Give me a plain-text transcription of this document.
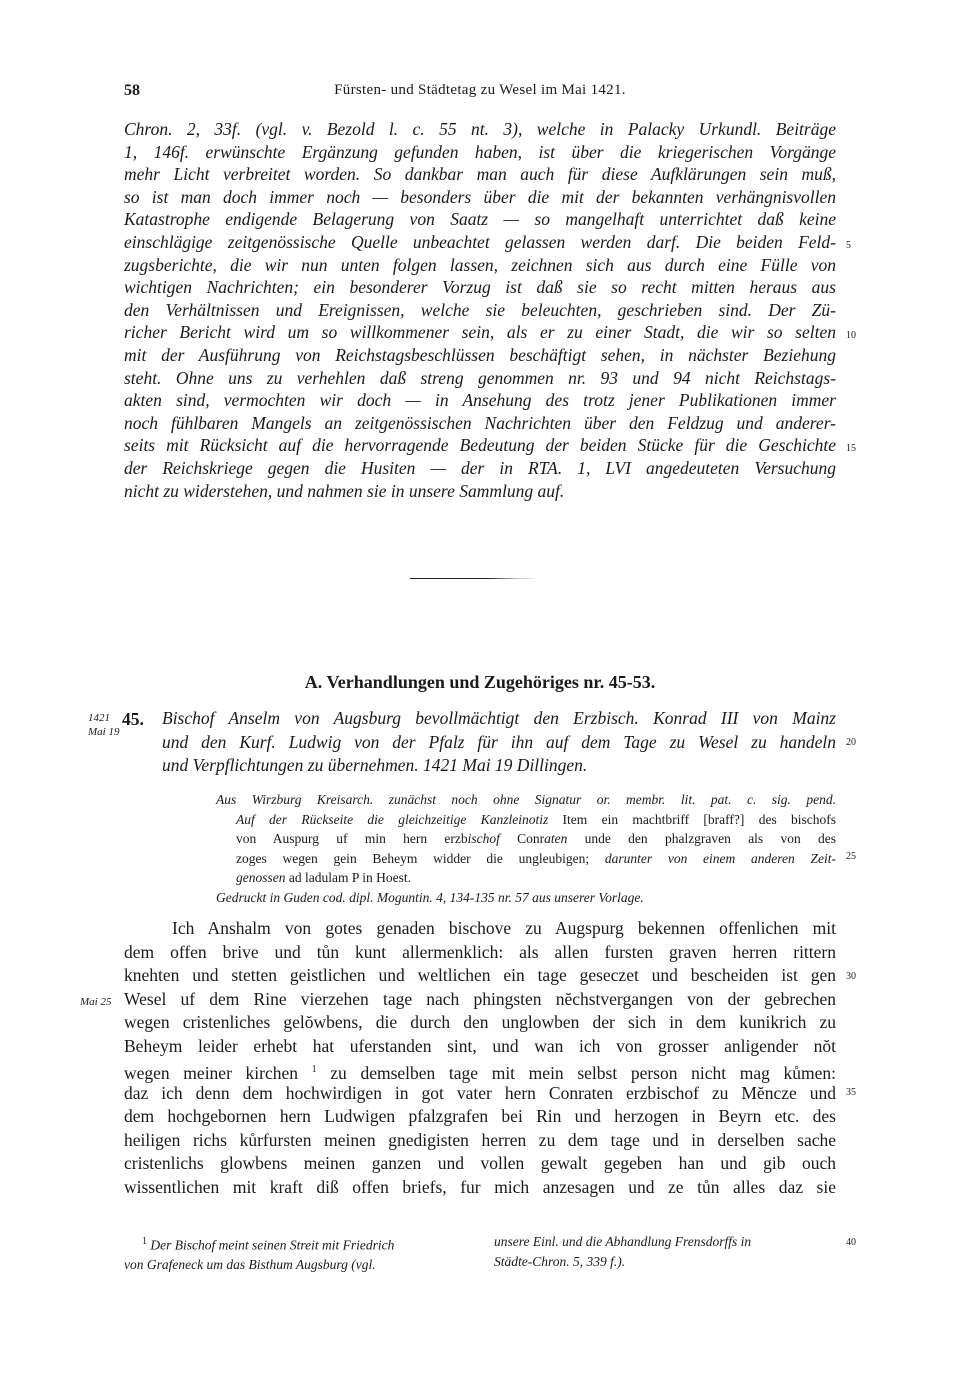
58	Fürsten- und Städtetag zu Wesel im Mai 1421.
Chron. 2, 33f. (vgl. v. Bezold l. c. 55 nt. 3), welche in Palacky Urkundl. Beiträge
1, 146f. erwünschte Ergänzung gefunden haben, ist über die kriegerischen Vorgänge
mehr Licht verbreitet worden. So dankbar man auch für diese Aufklärungen sein muß,
so ist man doch immer noch — besonders über die mit der bekannten verhängnisvollen
Katastrophe endigende Belagerung von Saatz — so mangelhaft unterrichtet daß keine
einschlägige zeitgenössische Quelle unbeachtet gelassen werden darf. Die beiden Feld-
zugsberichte, die wir nun unten folgen lassen, zeichnen sich aus durch eine Fülle von
wichtigen Nachrichten; ein besonderer Vorzug ist daß sie so recht mitten heraus aus
den Verhältnissen und Ereignissen, welche sie beleuchten, geschrieben sind. Der Zü-
richer Bericht wird um so willkommener sein, als er zu einer Stadt, die wir so selten
mit der Ausführung von Reichstagsbeschlüssen beschäftigt sehen, in nächster Beziehung
steht. Ohne uns zu verhehlen daß streng genommen nr. 93 und 94 nicht Reichstags-
akten sind, vermochten wir doch — in Ansehung des trotz jener Publikationen immer
noch fühlbaren Mangels an zeitgenössischen Nachrichten über den Feldzug und anderer-
seits mit Rücksicht auf die hervorragende Bedeutung der beiden Stücke für die Geschichte
der Reichskriege gegen die Husiten — der in RTA. 1, LVI angedeuteten Versuchung
nicht zu widerstehen, und nahmen sie in unsere Sammlung auf.
5
10
15
20
25
30
35
40
A. Verhandlungen und Zugehöriges nr. 45-53.
1421
Mai 19
Mai 25
45. Bischof Anselm von Augsburg bevollmächtigt den Erzbisch. Konrad III von Mainz
und den Kurf. Ludwig von der Pfalz für ihn auf dem Tage zu Wesel zu handeln
und Verpflichtungen zu übernehmen. 1421 Mai 19 Dillingen.
Aus Wirzburg Kreisarch. zunächst noch ohne Signatur or. membr. lit. pat. c. sig. pend.
Auf der Rückseite die gleichzeitige Kanzleinotiz Item ein machtbriff [braff?] des bischofs
von Auspurg uf min hern erzbischof Conraten unde den phalzgraven als von des
zoges wegen gein Beheym widder die ungleubigen; darunter von einem anderen Zeit-
genossen ad ladulam P in Hoest.
Gedruckt in Guden cod. dipl. Moguntin. 4, 134-135 nr. 57 aus unserer Vorlage.
Ich Anshalm von gotes genaden bischove zu Augspurg bekennen offenlichen mit
dem offen brive und tůn kunt allermenklich: als allen fursten graven herren rittern
knehten und stetten geistlichen und weltlichen ein tage geseczet und bescheiden ist gen
Wesel uf dem Rine vierzehen tage nach phingsten nĕchstvergangen von der gebrechen
wegen cristenliches gelŏwbens, die durch den unglowben der sich in dem kunikrich zu
Beheym leider erhebt hat uferstanden sint, und wan ich von grosser anligender nŏt
wegen meiner kirchen $^1$ zu demselben tage mit mein selbst person nicht mag kůmen:
daz ich denn dem hochwirdigen in got vater hern Conraten erzbischof zu Mĕncze und
dem hochgebornen hern Ludwigen pfalzgrafen bei Rin und herzogen in Beyrn etc. des
heiligen richs kůrfursten meinen gnedigisten herren zu dem tage und in derselben sache
cristenlichs glowbens meinen ganzen und vollen gewalt gegeben han und gib ouch
wissentlichen mit kraft diß offen briefs, fur mich anzesagen und ze tůn alles daz sie
$^1$ Der Bischof meint seinen Streit mit Friedrich
von Grafeneck um das Bisthum Augsburg (vgl.
unsere Einl. und die Abhandlung Frensdorffs in
Städte-Chron. 5, 339 f.).
